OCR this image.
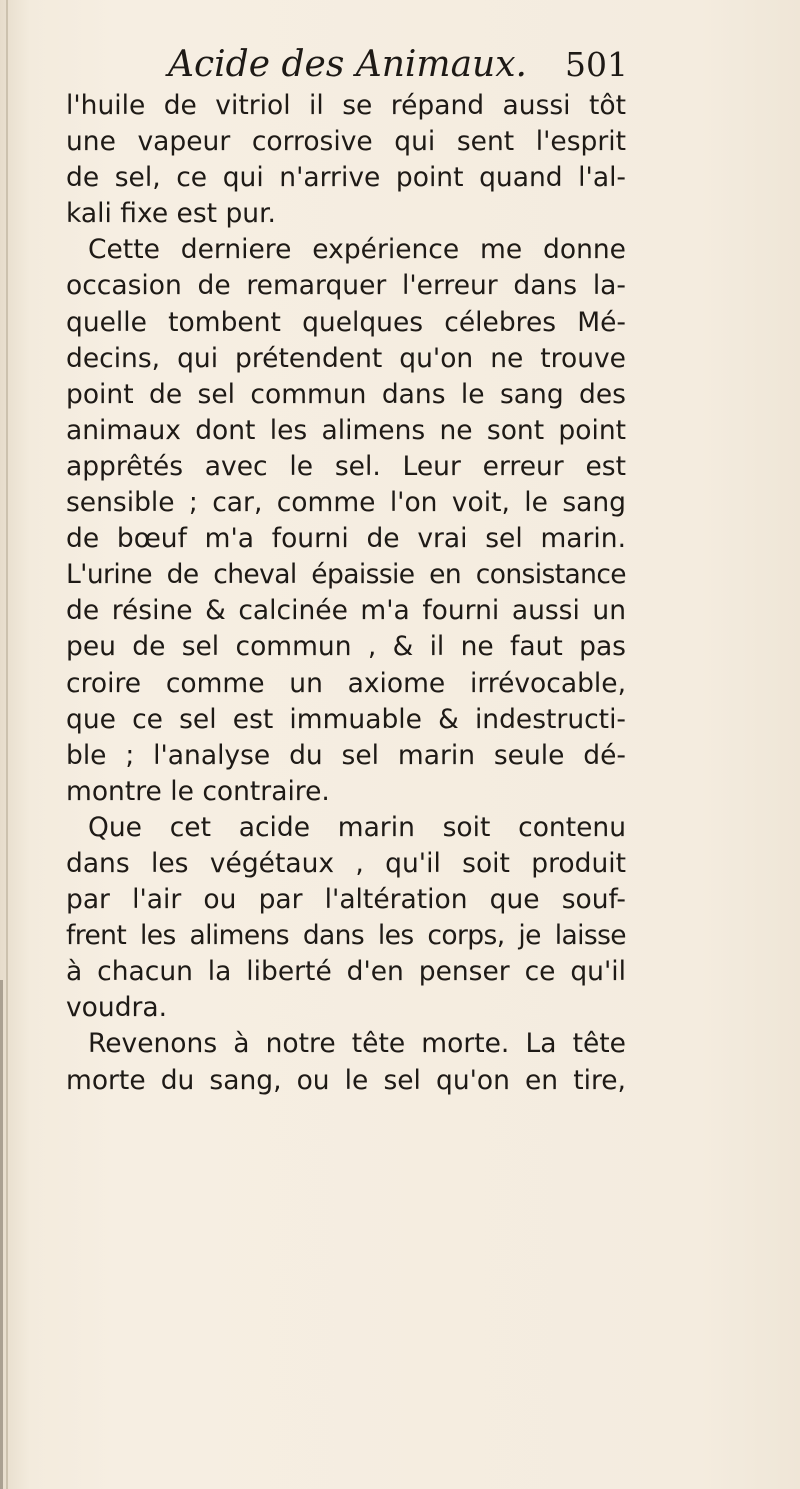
Acide des Animaux. 501
l'huile de vitriol il se répand aussi tôt
une vapeur corrosive qui sent l'esprit
de sel, ce qui n'arrive point quand l'al-
kali fixe est pur.
Cette derniere expérience me donne
occasion de remarquer l'erreur dans la-
quelle tombent quelques célebres Mé-
decins, qui prétendent qu'on ne trouve
point de sel commun dans le sang des
animaux dont les alimens ne sont point
apprêtés avec le sel. Leur erreur est
sensible ; car, comme l'on voit, le sang
de bœuf m'a fourni de vrai sel marin.
L'urine de cheval épaissie en consistance
de résine & calcinée m'a fourni aussi un
peu de sel commun , & il ne faut pas
croire comme un axiome irrévocable,
que ce sel est immuable & indestructi-
ble ; l'analyse du sel marin seule dé-
montre le contraire.
Que cet acide marin soit contenu
dans les végétaux , qu'il soit produit
par l'air ou par l'altération que souf-
frent les alimens dans les corps, je laisse
à chacun la liberté d'en penser ce qu'il
voudra.
Revenons à notre tête morte. La tête
morte du sang, ou le sel qu'on en tire,
